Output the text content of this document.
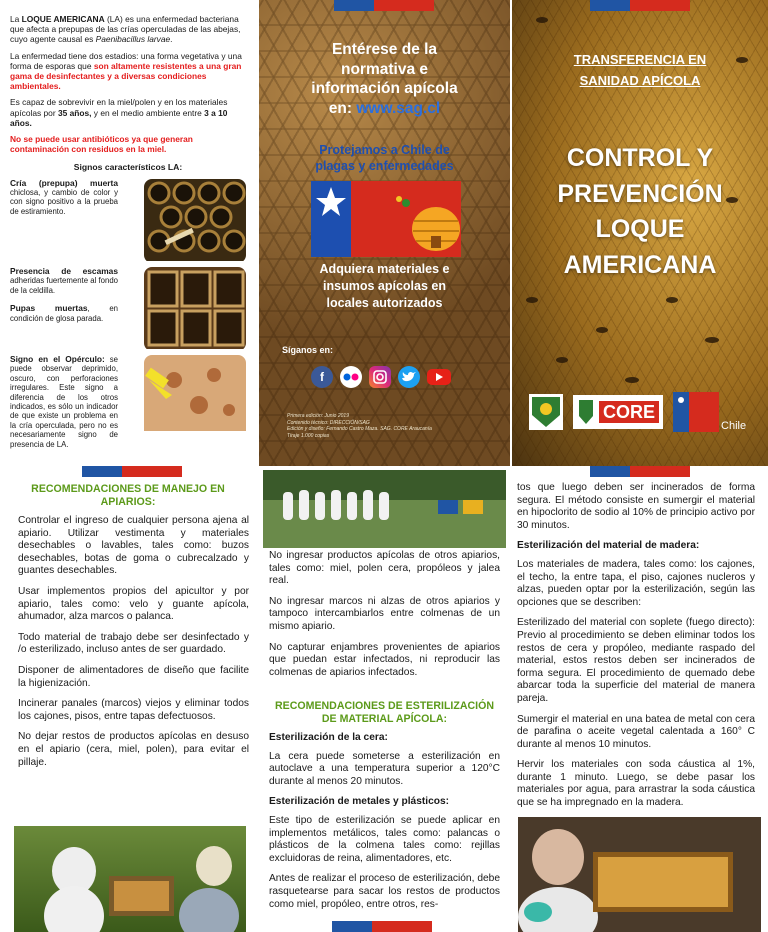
La LOQUE AMERICANA (LA) es una enfermedad bacteriana que afecta a prepupas de las crías operculadas de las abejas, cuyo agente causal es Paenibacillus larvae.

La enfermedad tiene dos estadios: una forma vegetativa y una forma de esporas que son altamente resistentes a una gran gama de desinfectantes y a diversas condiciones ambientales.

Es capaz de sobrevivir en la miel/polen y en los materiales apícolas por 35 años, y en el medio ambiente entre 3 a 10 años.

No se puede usar antibióticos ya que generan contaminación con residuos en la miel.

Signos característicos LA:
Cría (prepupa) muerta chiclosa, y cambio de color y con signo positivo a la prueba de estiramiento.
Presencia de escamas adheridas fuertemente al fondo de la celdilla.

Pupas muertas, en condición de glosa parada.
Signo en el Opérculo: se puede observar deprimido, oscuro, con perforaciones irregulares. Este signo a diferencia de los otros indicados, es sólo un indicador de que existe un problema en la cría operculada, pero no es necesariamente signo de presencia de LA.
Entérese de la
normativa e
información apícola
en: www.sag.cl
Protejamos a Chile de
plagas y enfermedades
Adquiera materiales e
insumos apícolas en
locales autorizados
Síganos en:
f
Primera edición: Junio 2019
Contenido técnico: DIRECCIÓN/SAG
Edición y diseño: Fernando Castro Maza. SAG. CORE Araucanía
Tiraje 1.000 copias
TRANSFERENCIA EN
SANIDAD APÍCOLA
CONTROL Y
PREVENCIÓN
LOQUE
AMERICANA
CORE
Chile
RECOMENDACIONES DE MANEJO EN
APIARIOS:

Controlar el ingreso de cualquier persona ajena al apiario. Utilizar vestimenta y materiales desechables o lavables, tales como: buzos desechables, botas de goma o cubrecalzado y guantes desechables.

Usar implementos propios del apicultor y por apiario, tales como: velo y guante apícola, ahumador, alza marcos o palanca.

Todo material de trabajo debe ser desinfectado y /o esterilizado, incluso antes de ser guardado.

Disponer de alimentadores de diseño que facilite la higienización.

Incinerar panales (marcos) viejos y eliminar todos los cajones, pisos, entre tapas defectuosos.

No dejar restos de productos apícolas en desuso en el apiario (cera, miel, polen), para evitar el pillaje.

No ingresar productos apícolas de otros apiarios, tales como: miel, polen cera, propóleos y jalea real.

No ingresar marcos ni alzas de otros apiarios y tampoco intercambiarlos entre colmenas de un mismo apiario.

No capturar enjambres provenientes de apiarios que puedan estar infectados, ni reproducir las colmenas de apiarios infectados.

RECOMENDACIONES DE ESTERILIZACIÓN
DE MATERIAL APÍCOLA:
Esterilización de la cera:

La cera puede someterse a esterilización en autoclave a una temperatura superior a 120°C durante al menos 20 minutos.

Esterilización de metales y plásticos:

Este tipo de esterilización se puede aplicar en implementos metálicos, tales como: palancas o plásticos de la colmena tales como: rejillas excluidoras de reina, alimentadores, etc.

Antes de realizar el proceso de esterilización, debe rasquetearse para sacar los restos de productos como miel, propóleo, entre otros, res-

tos que luego deben ser incinerados de forma segura. El método consiste en sumergir el material en hipoclorito de sodio al 10% de principio activo por 30 minutos.

Esterilización del material de madera:

Los materiales de madera, tales como: los cajones, el techo, la entre tapa, el piso, cajones nucleros y alzas, pueden optar por la esterilización, según las opciones que se describen:

Esterilizado del material con soplete (fuego directo): Previo al procedimiento se deben eliminar todos los restos de cera y propóleo, mediante raspado del material, estos restos deben ser incinerados de forma segura. El procedimiento de quemado debe abarcar toda la superficie del material de manera pareja.

Sumergir el material en una batea de metal con cera de parafina o aceite vegetal calentada a 160° C durante al menos 10 minutos.

Hervir los materiales con soda cáustica al 1%, durante 1 minuto. Luego, se debe pasar los materiales por agua, para arrastrar la soda cáustica que se ha impregnado en la madera.
